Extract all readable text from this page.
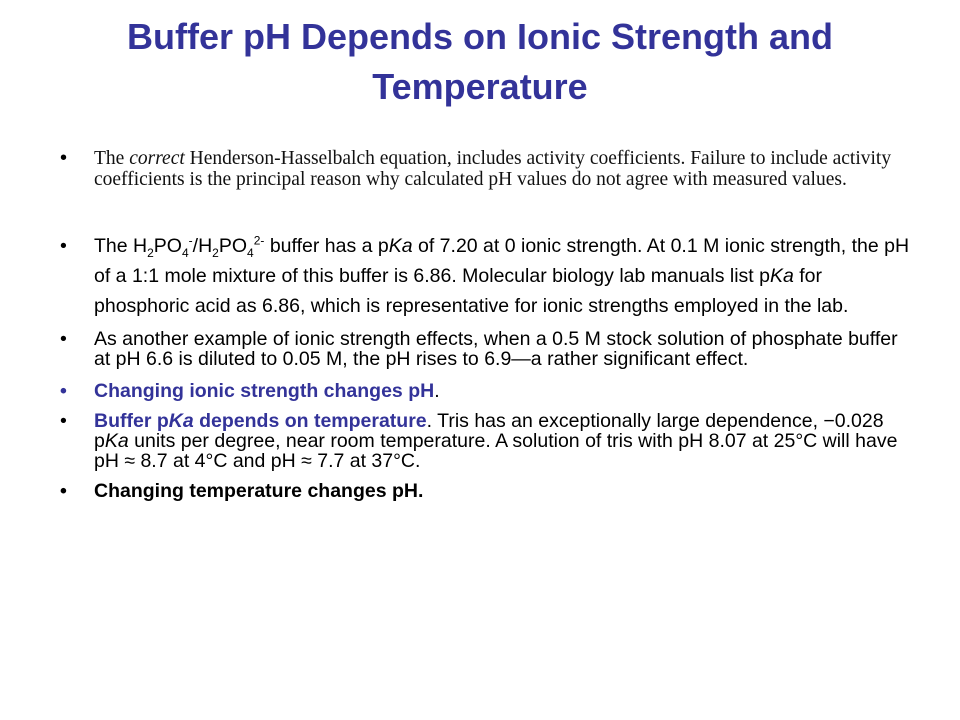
Buffer pH Depends on Ionic Strength and Temperature
• The correct Henderson-Hasselbalch equation, includes activity coefficients. Failure to include activity coefficients is the principal reason why calculated pH values do not agree with measured values.
• The $H_2PO_4^-/H_2PO_4^{2-}$ buffer has a pKa of 7.20 at 0 ionic strength. At 0.1 M ionic strength, the pH of a 1:1 mole mixture of this buffer is 6.86. Molecular biology lab manuals list pKa for phosphoric acid as 6.86, which is representative for ionic strengths employed in the lab.
• As another example of ionic strength effects, when a 0.5 M stock solution of phosphate buffer at pH 6.6 is diluted to 0.05 M, the pH rises to 6.9—a rather significant effect.
• Changing ionic strength changes pH.
• Buffer pKa depends on temperature. Tris has an exceptionally large dependence, −0.028 pKa units per degree, near room temperature. A solution of tris with pH 8.07 at 25°C will have pH ≈ 8.7 at 4°C and pH ≈ 7.7 at 37°C.
• Changing temperature changes pH.
